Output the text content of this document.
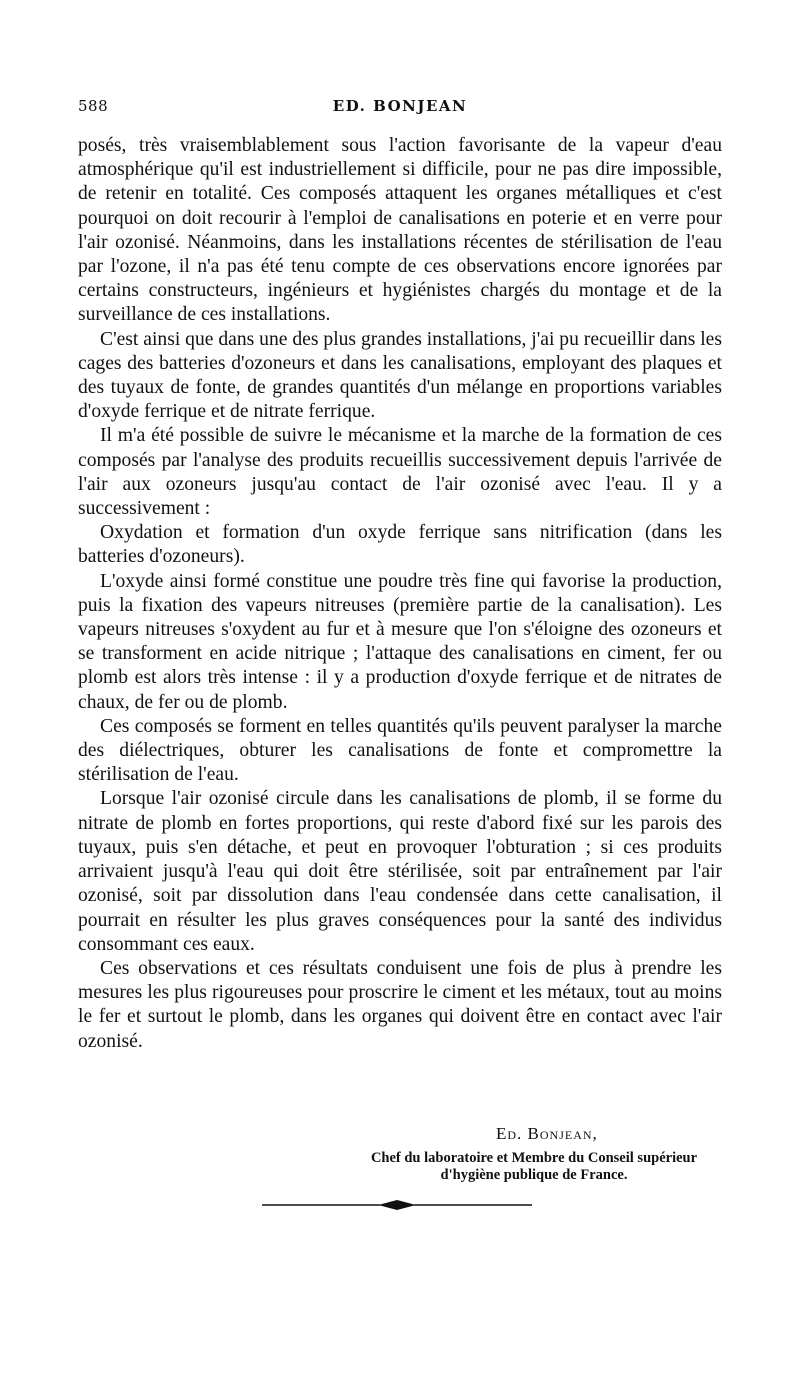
588	ED. BONJEAN

posés, très vraisemblablement sous l'action favorisante de la vapeur d'eau atmosphérique qu'il est industriellement si difficile, pour ne pas dire impossible, de retenir en totalité. Ces composés attaquent les organes métalliques et c'est pourquoi on doit recourir à l'emploi de canalisations en poterie et en verre pour l'air ozonisé. Néanmoins, dans les installations récentes de stérilisation de l'eau par l'ozone, il n'a pas été tenu compte de ces observations encore ignorées par certains constructeurs, ingénieurs et hygiénistes chargés du montage et de la surveillance de ces installations.

C'est ainsi que dans une des plus grandes installations, j'ai pu recueillir dans les cages des batteries d'ozoneurs et dans les canalisations, employant des plaques et des tuyaux de fonte, de grandes quantités d'un mélange en proportions variables d'oxyde ferrique et de nitrate ferrique.

Il m'a été possible de suivre le mécanisme et la marche de la formation de ces composés par l'analyse des produits recueillis successivement depuis l'arrivée de l'air aux ozoneurs jusqu'au contact de l'air ozonisé avec l'eau. Il y a successivement :

Oxydation et formation d'un oxyde ferrique sans nitrification (dans les batteries d'ozoneurs).

L'oxyde ainsi formé constitue une poudre très fine qui favorise la production, puis la fixation des vapeurs nitreuses (première partie de la canalisation). Les vapeurs nitreuses s'oxydent au fur et à mesure que l'on s'éloigne des ozoneurs et se transforment en acide nitrique ; l'attaque des canalisations en ciment, fer ou plomb est alors très intense : il y a production d'oxyde ferrique et de nitrates de chaux, de fer ou de plomb.

Ces composés se forment en telles quantités qu'ils peuvent paralyser la marche des diélectriques, obturer les canalisations de fonte et compromettre la stérilisation de l'eau.

Lorsque l'air ozonisé circule dans les canalisations de plomb, il se forme du nitrate de plomb en fortes proportions, qui reste d'abord fixé sur les parois des tuyaux, puis s'en détache, et peut en provoquer l'obturation ; si ces produits arrivaient jusqu'à l'eau qui doit être stérilisée, soit par entraînement par l'air ozonisé, soit par dissolution dans l'eau condensée dans cette canalisation, il pourrait en résulter les plus graves conséquences pour la santé des individus consommant ces eaux.

Ces observations et ces résultats conduisent une fois de plus à prendre les mesures les plus rigoureuses pour proscrire le ciment et les métaux, tout au moins le fer et surtout le plomb, dans les organes qui doivent être en contact avec l'air ozonisé.

Ed. Bonjean,
Chef du laboratoire et Membre du Conseil supérieur
d'hygiène publique de France.
